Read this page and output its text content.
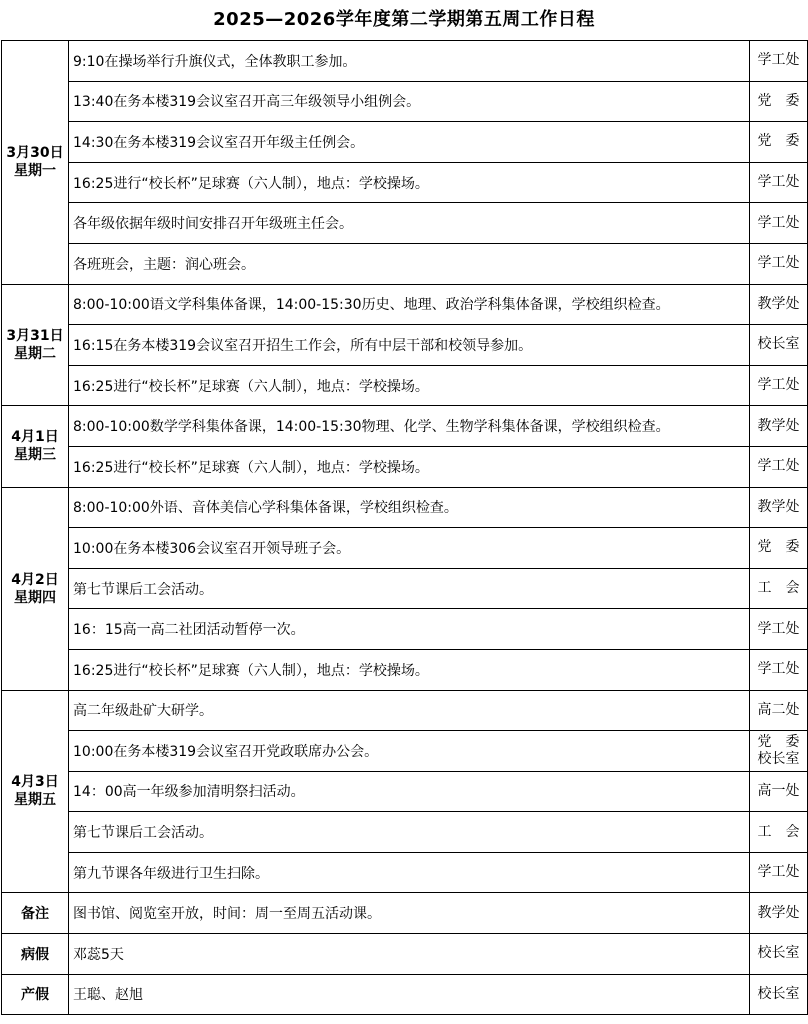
2025—2026学年度第二学期第五周工作日程
3月30日
星期一	9:10在操场举行升旗仪式，全体教职工参加。	学工处
	13:40在务本楼319会议室召开高三年级领导小组例会。	党　委
	14:30在务本楼319会议室召开年级主任例会。	党　委
	16:25进行“校长杯”足球赛（六人制），地点：学校操场。	学工处
	各年级依据年级时间安排召开年级班主任会。	学工处
	各班班会，主题：润心班会。	学工处

3月31日
星期二	8:00-10:00语文学科集体备课，14:00-15:30历史、地理、政治学科集体备课，学校组织检查。	教学处
	16:15在务本楼319会议室召开招生工作会，所有中层干部和校领导参加。	校长室
	16:25进行“校长杯”足球赛（六人制），地点：学校操场。	学工处

4月1日
星期三	8:00-10:00数学学科集体备课，14:00-15:30物理、化学、生物学科集体备课，学校组织检查。	教学处
	16:25进行“校长杯”足球赛（六人制），地点：学校操场。	学工处

4月2日
星期四	8:00-10:00外语、音体美信心学科集体备课，学校组织检查。	教学处
	10:00在务本楼306会议室召开领导班子会。	党　委
	第七节课后工会活动。	工　会
	16：15高一高二社团活动暂停一次。	学工处
	16:25进行“校长杯”足球赛（六人制），地点：学校操场。	学工处

4月3日
星期五	高二年级赴矿大研学。	高二处
	10:00在务本楼319会议室召开党政联席办公会。	党　委
校长室
	14：00高一年级参加清明祭扫活动。	高一处
	第七节课后工会活动。	工　会
	第九节课各年级进行卫生扫除。	学工处
备注	图书馆、阅览室开放，时间：周一至周五活动课。	教学处
病假	邓蕊5天	校长室
产假	王聪、赵旭	校长室
